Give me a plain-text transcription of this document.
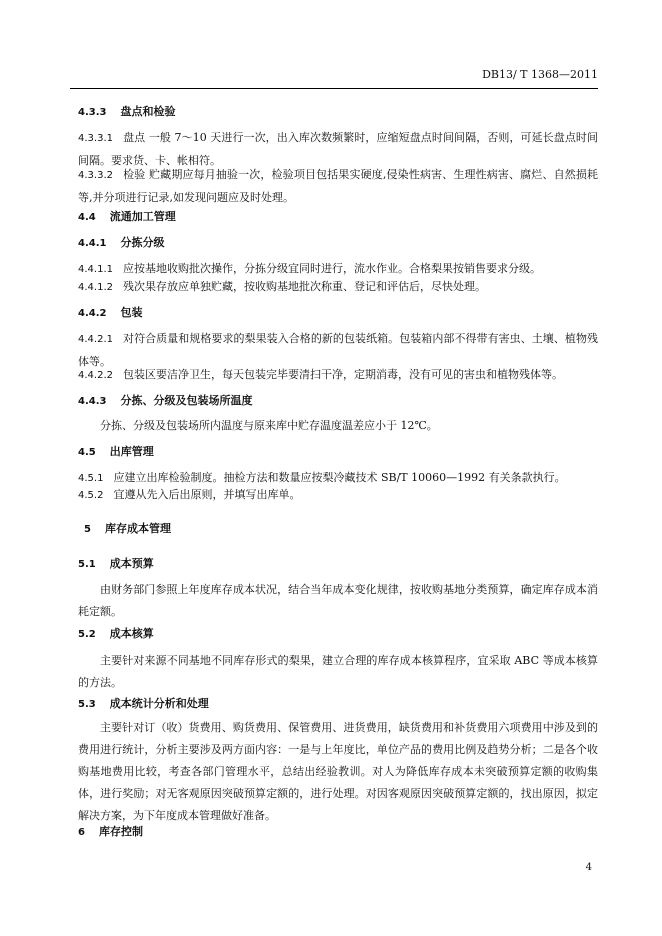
DB13/ T 1368—2011
4.3.3 盘点和检验
4.3.3.1 盘点 一般 7～10 天进行一次，出入库次数频繁时，应缩短盘点时间间隔，否则，可延长盘点时间间隔。要求货、卡、帐相符。
4.3.3.2 检验 贮藏期应每月抽验一次，检验项目包括果实硬度,侵染性病害、生理性病害、腐烂、自然损耗等,并分项进行记录,如发现问题应及时处理。
4.4 流通加工管理
4.4.1 分拣分级
4.4.1.1 应按基地收购批次操作，分拣分级宜同时进行，流水作业。合格梨果按销售要求分级。
4.4.1.2 残次果存放应单独贮藏，按收购基地批次称重、登记和评估后，尽快处理。
4.4.2 包装
4.4.2.1 对符合质量和规格要求的梨果装入合格的新的包装纸箱。包装箱内部不得带有害虫、土壤、植物残体等。
4.4.2.2 包装区要洁净卫生，每天包装完毕要清扫干净，定期消毒，没有可见的害虫和植物残体等。
4.4.3 分拣、分级及包装场所温度
分拣、分级及包装场所内温度与原来库中贮存温度温差应小于 12℃。
4.5 出库管理
4.5.1 应建立出库检验制度。抽检方法和数量应按梨冷藏技术 SB/T 10060—1992 有关条款执行。
4.5.2 宜遵从先入后出原则，并填写出库单。
5 库存成本管理
5.1 成本预算
由财务部门参照上年度库存成本状况，结合当年成本变化规律，按收购基地分类预算，确定库存成本消耗定额。
5.2 成本核算
主要针对来源不同基地不同库存形式的梨果，建立合理的库存成本核算程序，宜采取 ABC 等成本核算的方法。
5.3 成本统计分析和处理
主要针对订（收）货费用、购货费用、保管费用、进货费用，缺货费用和补货费用六项费用中涉及到的费用进行统计，分析主要涉及两方面内容：一是与上年度比，单位产品的费用比例及趋势分析；二是各个收购基地费用比较，考查各部门管理水平，总结出经验教训。对人为降低库存成本未突破预算定额的收购集体，进行奖励；对无客观原因突破预算定额的，进行处理。对因客观原因突破预算定额的，找出原因，拟定解决方案，为下年度成本管理做好准备。
6 库存控制
4
